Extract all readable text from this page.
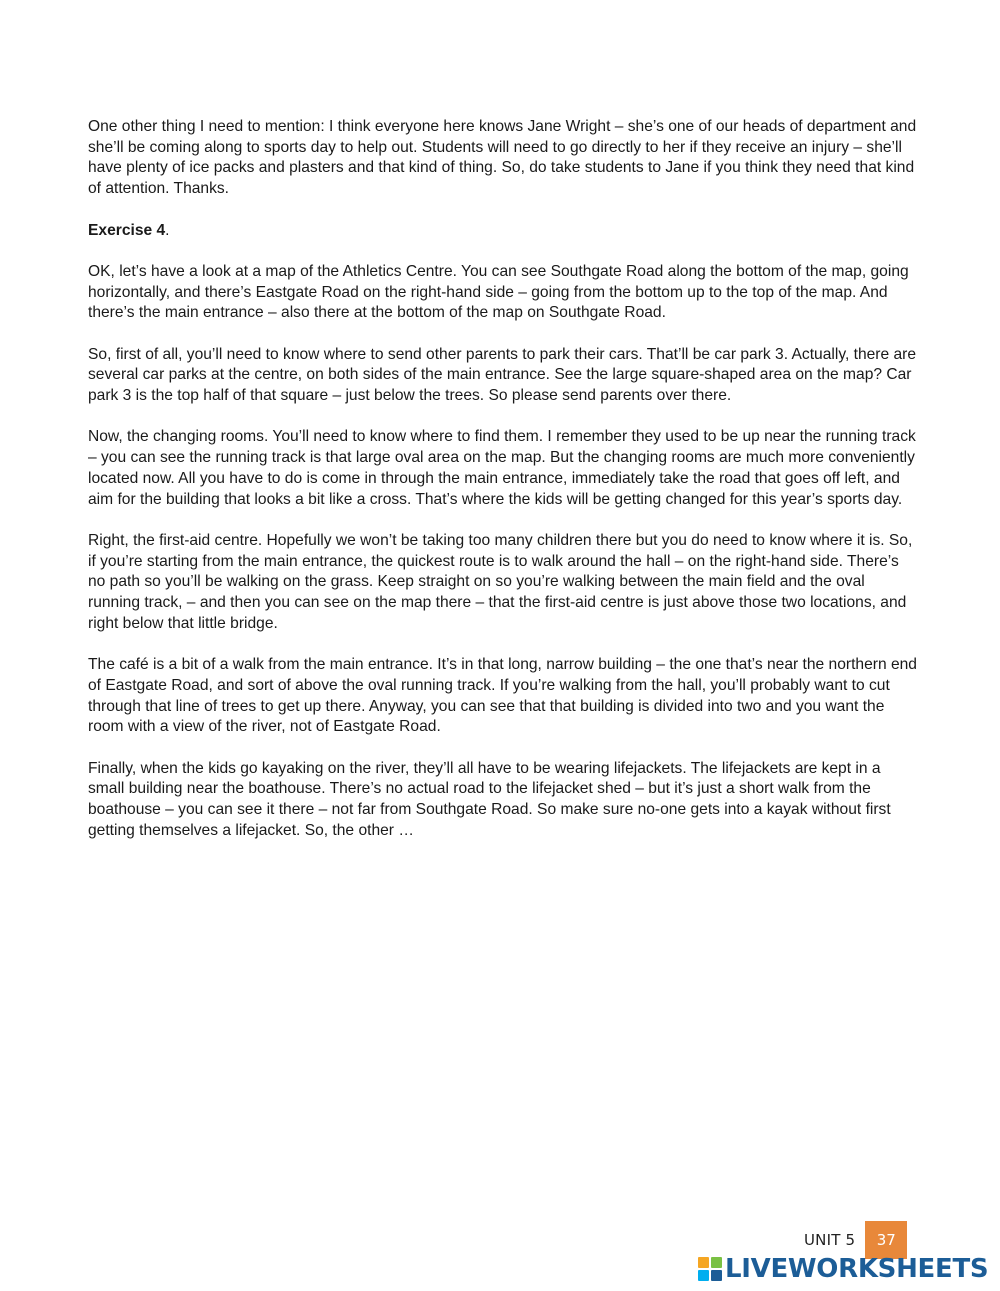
One other thing I need to mention: I think everyone here knows Jane Wright – she’s one of our heads of department and she’ll be coming along to sports day to help out. Students will need to go directly to her if they receive an injury – she’ll have plenty of ice packs and plasters and that kind of thing. So, do take students to Jane if you think they need that kind of attention. Thanks.

Exercise 4.

OK, let’s have a look at a map of the Athletics Centre. You can see Southgate Road along the bottom of the map, going horizontally, and there’s Eastgate Road on the right-hand side – going from the bottom up to the top of the map. And there’s the main entrance – also there at the bottom of the map on Southgate Road.

So, first of all, you’ll need to know where to send other parents to park their cars. That’ll be car park 3. Actually, there are several car parks at the centre, on both sides of the main entrance. See the large square-shaped area on the map? Car park 3 is the top half of that square – just below the trees. So please send parents over there.

Now, the changing rooms. You’ll need to know where to find them. I remember they used to be up near the running track – you can see the running track is that large oval area on the map. But the changing rooms are much more conveniently located now. All you have to do is come in through the main entrance, immediately take the road that goes off left, and aim for the building that looks a bit like a cross. That’s where the kids will be getting changed for this year’s sports day.

Right, the first-aid centre. Hopefully we won’t be taking too many children there but you do need to know where it is. So, if you’re starting from the main entrance, the quickest route is to walk around the hall – on the right-hand side. There’s no path so you’ll be walking on the grass. Keep straight on so you’re walking between the main field and the oval running track, – and then you can see on the map there – that the first-aid centre is just above those two locations, and right below that little bridge.

The café is a bit of a walk from the main entrance. It’s in that long, narrow building – the one that’s near the northern end of Eastgate Road, and sort of above the oval running track. If you’re walking from the hall, you’ll probably want to cut through that line of trees to get up there. Anyway, you can see that that building is divided into two and you want the room with a view of the river, not of Eastgate Road.

Finally, when the kids go kayaking on the river, they’ll all have to be wearing lifejackets. The lifejackets are kept in a small building near the boathouse. There’s no actual road to the lifejacket shed – but it’s just a short walk from the boathouse – you can see it there – not far from Southgate Road. So make sure no-one gets into a kayak without first getting themselves a lifejacket. So, the other …

UNIT 5	37
LIVEWORKSHEETS
